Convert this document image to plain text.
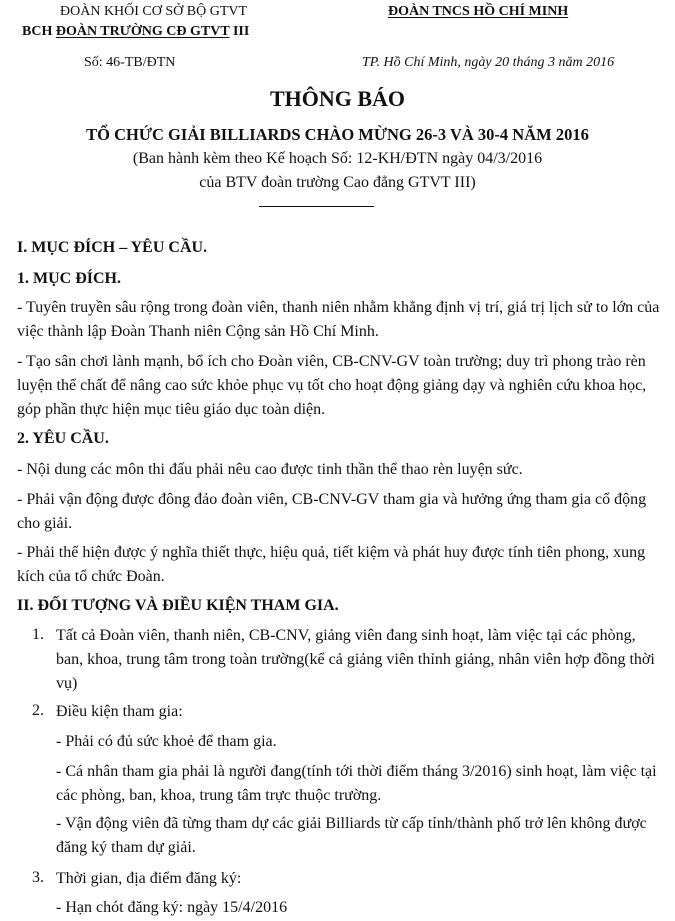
ĐOÀN KHỐI CƠ SỞ BỘ GTVT
BCH ĐOÀN TRƯỜNG CĐ GTVT III
ĐOÀN TNCS HỒ CHÍ MINH
Số: 46-TB/ĐTN	TP. Hồ Chí Minh, ngày 20 tháng 3 năm 2016
THÔNG BÁO
TỔ CHỨC GIẢI BILLIARDS CHÀO MỪNG 26-3 VÀ 30-4 NĂM 2016
(Ban hành kèm theo Kế hoạch Số: 12-KH/ĐTN ngày 04/3/2016
của BTV đoàn trường Cao đẳng GTVT III)
I. MỤC ĐÍCH – YÊU CẦU.
1. MỤC ĐÍCH.
- Tuyên truyền sâu rộng trong đoàn viên, thanh niên nhằm khẳng định vị trí, giá trị lịch sử to lớn của việc thành lập Đoàn Thanh niên Cộng sản Hồ Chí Minh.
- Tạo sân chơi lành mạnh, bổ ích cho Đoàn viên, CB-CNV-GV toàn trường; duy trì phong trào rèn luyện thể chất để nâng cao sức khỏe phục vụ tốt cho hoạt động giảng dạy và nghiên cứu khoa học, góp phần thực hiện mục tiêu giáo dục toàn diện.
2. YÊU CẦU.
- Nội dung các môn thi đấu phải nêu cao được tinh thần thể thao rèn luyện sức.
- Phải vận động được đông đảo đoàn viên, CB-CNV-GV tham gia và hưởng ứng tham gia cổ động cho giải.
- Phải thể hiện được ý nghĩa thiết thực, hiệu quả, tiết kiệm và phát huy được tính tiên phong, xung kích của tổ chức Đoàn.
II. ĐỐI TƯỢNG VÀ ĐIỀU KIỆN THAM GIA.
1. Tất cả Đoàn viên, thanh niên, CB-CNV, giảng viên đang sinh hoạt, làm việc tại các phòng, ban, khoa, trung tâm trong toàn trường(kể cả giảng viên thỉnh giảng, nhân viên hợp đồng thời vụ)
2. Điều kiện tham gia:
- Phải có đủ sức khoẻ để tham gia.
- Cá nhân tham gia phải là người đang(tính tới thời điểm tháng 3/2016) sinh hoạt, làm việc tại các phòng, ban, khoa, trung tâm trực thuộc trường.
- Vận động viên đã từng tham dự các giải Billiards từ cấp tỉnh/thành phố trở lên không được đăng ký tham dự giải.
3. Thời gian, địa điểm đăng ký:
- Hạn chót đăng ký: ngày 15/4/2016
